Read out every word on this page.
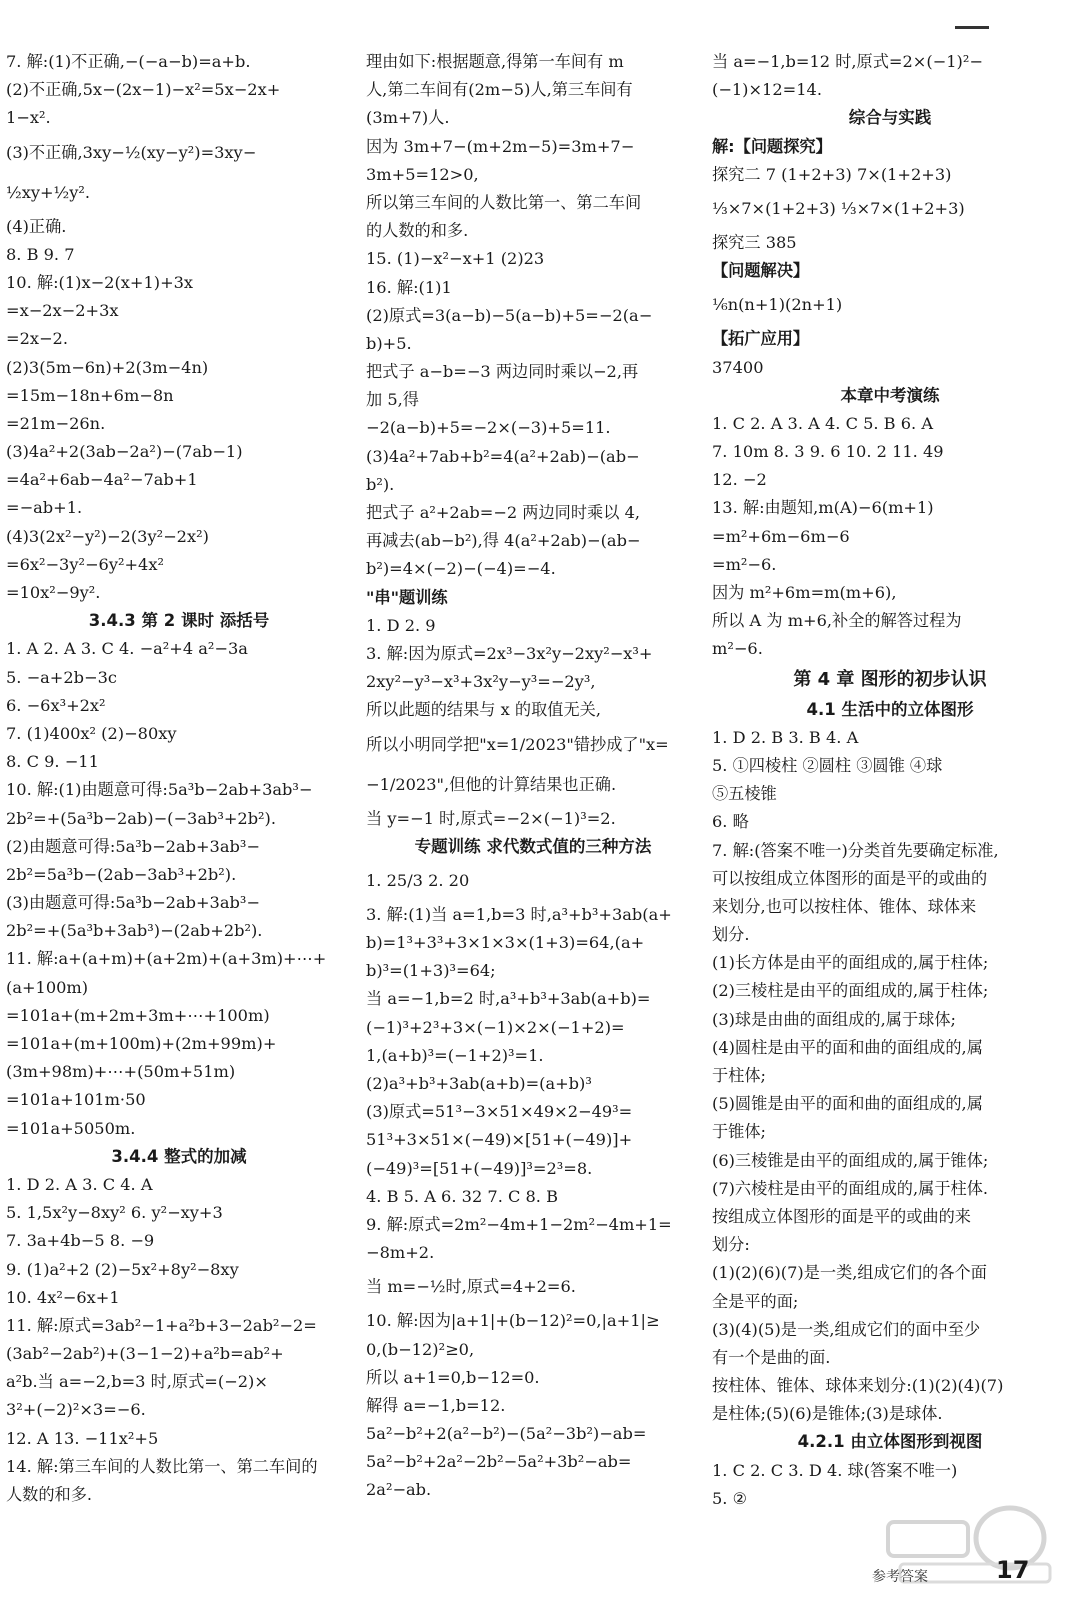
7. 解:(1)不正确,−(−a−b)=a+b.
(2)不正确,5x−(2x−1)−x²=5x−2x+
1−x².
(3)不正确,3xy−½(xy−y²)=3xy−
½xy+½y².
(4)正确.
8. B 9. 7
10. 解:(1)x−2(x+1)+3x
=x−2x−2+3x
=2x−2.
(2)3(5m−6n)+2(3m−4n)
=15m−18n+6m−8n
=21m−26n.
(3)4a²+2(3ab−2a²)−(7ab−1)
=4a²+6ab−4a²−7ab+1
=−ab+1.
(4)3(2x²−y²)−2(3y²−2x²)
=6x²−3y²−6y²+4x²
=10x²−9y².
3.4.3 第 2 课时 添括号
1. A 2. A 3. C 4. −a²+4 a²−3a
5. −a+2b−3c
6. −6x³+2x²
7. (1)400x² (2)−80xy
8. C 9. −11
10. 解:(1)由题意可得:5a³b−2ab+3ab³−
2b²=+(5a³b−2ab)−(−3ab³+2b²).
(2)由题意可得:5a³b−2ab+3ab³−
2b²=5a³b−(2ab−3ab³+2b²).
(3)由题意可得:5a³b−2ab+3ab³−
2b²=+(5a³b+3ab³)−(2ab+2b²).
11. 解:a+(a+m)+(a+2m)+(a+3m)+⋯+
(a+100m)
=101a+(m+2m+3m+⋯+100m)
=101a+(m+100m)+(2m+99m)+
(3m+98m)+⋯+(50m+51m)
=101a+101m·50
=101a+5050m.
3.4.4 整式的加减
1. D 2. A 3. C 4. A
5. 1,5x²y−8xy² 6. y²−xy+3
7. 3a+4b−5 8. −9
9. (1)a²+2 (2)−5x²+8y²−8xy
10. 4x²−6x+1
11. 解:原式=3ab²−1+a²b+3−2ab²−2=
(3ab²−2ab²)+(3−1−2)+a²b=ab²+
a²b.当 a=−2,b=3 时,原式=(−2)×
3²+(−2)²×3=−6.
12. A 13. −11x²+5
14. 解:第三车间的人数比第一、第二车间的
人数的和多.
理由如下:根据题意,得第一车间有 m
人,第二车间有(2m−5)人,第三车间有
(3m+7)人.
因为 3m+7−(m+2m−5)=3m+7−
3m+5=12>0,
所以第三车间的人数比第一、第二车间
的人数的和多.
15. (1)−x²−x+1 (2)23
16. 解:(1)1
(2)原式=3(a−b)−5(a−b)+5=−2(a−
b)+5.
把式子 a−b=−3 两边同时乘以−2,再
加 5,得
−2(a−b)+5=−2×(−3)+5=11.
(3)4a²+7ab+b²=4(a²+2ab)−(ab−
b²).
把式子 a²+2ab=−2 两边同时乘以 4,
再减去(ab−b²),得 4(a²+2ab)−(ab−
b²)=4×(−2)−(−4)=−4.
"串"题训练
1. D 2. 9
3. 解:因为原式=2x³−3x²y−2xy²−x³+
2xy²−y³−x³+3x²y−y³=−2y³,
所以此题的结果与 x 的取值无关,
所以小明同学把"x=1/2023"错抄成了"x=
−1/2023",但他的计算结果也正确.
当 y=−1 时,原式=−2×(−1)³=2.
专题训练 求代数式值的三种方法
1. 25/3 2. 20
3. 解:(1)当 a=1,b=3 时,a³+b³+3ab(a+
b)=1³+3³+3×1×3×(1+3)=64,(a+
b)³=(1+3)³=64;
当 a=−1,b=2 时,a³+b³+3ab(a+b)=
(−1)³+2³+3×(−1)×2×(−1+2)=
1,(a+b)³=(−1+2)³=1.
(2)a³+b³+3ab(a+b)=(a+b)³
(3)原式=51³−3×51×49×2−49³=
51³+3×51×(−49)×[51+(−49)]+
(−49)³=[51+(−49)]³=2³=8.
4. B 5. A 6. 32 7. C 8. B
9. 解:原式=2m²−4m+1−2m²−4m+1=
−8m+2.
当 m=−½时,原式=4+2=6.
10. 解:因为|a+1|+(b−12)²=0,|a+1|≥
0,(b−12)²≥0,
所以 a+1=0,b−12=0.
解得 a=−1,b=12.
5a²−b²+2(a²−b²)−(5a²−3b²)−ab=
5a²−b²+2a²−2b²−5a²+3b²−ab=
2a²−ab.
当 a=−1,b=12 时,原式=2×(−1)²−
(−1)×12=14.
综合与实践
解:【问题探究】
探究二 7 (1+2+3) 7×(1+2+3)
⅓×7×(1+2+3) ⅓×7×(1+2+3)
探究三 385
【问题解决】
⅙n(n+1)(2n+1)
【拓广应用】
37400
本章中考演练
1. C 2. A 3. A 4. C 5. B 6. A
7. 10m 8. 3 9. 6 10. 2 11. 49
12. −2
13. 解:由题知,m(A)−6(m+1)
=m²+6m−6m−6
=m²−6.
因为 m²+6m=m(m+6),
所以 A 为 m+6,补全的解答过程为
m²−6.
第 4 章 图形的初步认识
4.1 生活中的立体图形
1. D 2. B 3. B 4. A
5. ①四棱柱 ②圆柱 ③圆锥 ④球
⑤五棱锥
6. 略
7. 解:(答案不唯一)分类首先要确定标准,
可以按组成立体图形的面是平的或曲的
来划分,也可以按柱体、锥体、球体来
划分.
(1)长方体是由平的面组成的,属于柱体;
(2)三棱柱是由平的面组成的,属于柱体;
(3)球是由曲的面组成的,属于球体;
(4)圆柱是由平的面和曲的面组成的,属
于柱体;
(5)圆锥是由平的面和曲的面组成的,属
于锥体;
(6)三棱锥是由平的面组成的,属于锥体;
(7)六棱柱是由平的面组成的,属于柱体.
按组成立体图形的面是平的或曲的来
划分:
(1)(2)(6)(7)是一类,组成它们的各个面
全是平的面;
(3)(4)(5)是一类,组成它们的面中至少
有一个是曲的面.
按柱体、锥体、球体来划分:(1)(2)(4)(7)
是柱体;(5)(6)是锥体;(3)是球体.
4.2.1 由立体图形到视图
1. C 2. C 3. D 4. 球(答案不唯一)
5. ②
参考答案	17
